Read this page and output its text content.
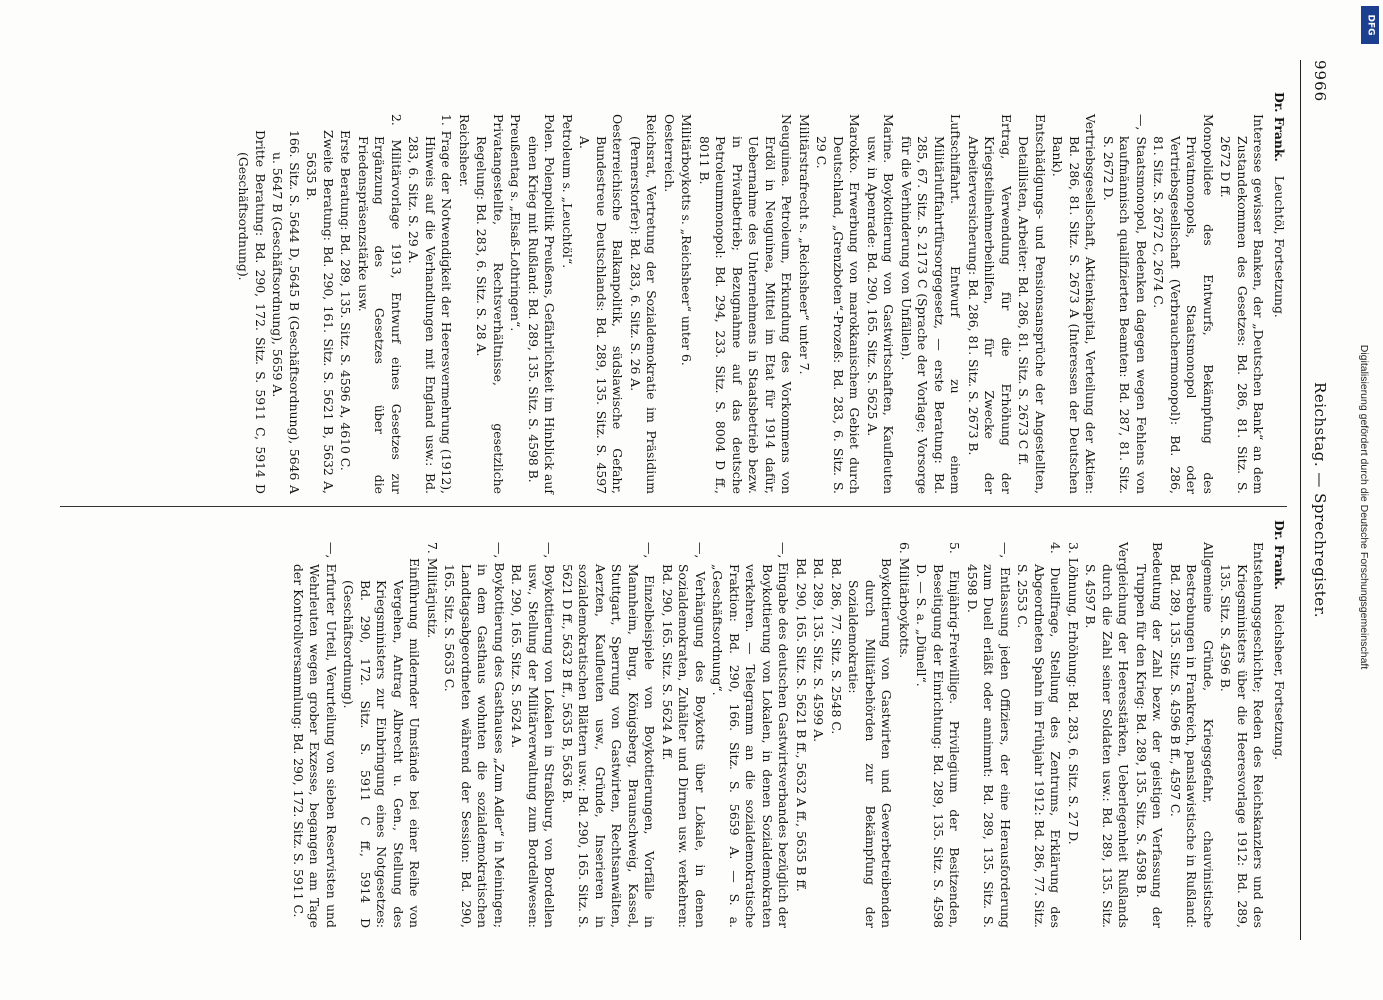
9966
Reichstag. — Sprechregister.
Dr. Frank. Leuchtöl, Fortsetzung.
Interesse gewisser Banken, der „Deutschen Bank“ an dem Zustandekommen des Gesetzes: Bd. 286, 81. Sitz. S. 2672 D ff.
Monopolidee des Entwurfs, Bekämpfung des Privatmonopols, Staatsmonopol oder Vertriebsgesellschaft (Verbrauchermonopol): Bd. 286, 81. Sitz. S. 2672 C, 2674 C.
—, Staatsmonopol, Bedenken dagegen wegen Fehlens von kaufmännisch qualifizierten Beamten: Bd. 287, 81. Sitz. S. 2672 D.
Vertriebsgesellschaft, Aktienkapital, Verteilung der Aktien: Bd. 286, 81. Sitz. S. 2673 A (Interessen der Deutschen Bank).
Entschädigungs- und Pensionsansprüche der Angestellten, Detaillisten, Arbeiter: Bd. 286, 81. Sitz. S. 2673 C ff.
Ertrag, Verwendung für die Erhöhung der Kriegsteilnehmerbeihilfen, für Zwecke der Arbeiterversicherung: Bd. 286, 81. Sitz. S. 2673 B.
Luftschiffahrt. Entwurf zu einem Militärluftfahrtfürsorgegesetz, — erste Beratung: Bd. 285, 67. Sitz. S. 2173 C (Sprache der Vorlage; Vorsorge für die Verhinderung von Unfällen).
Marine. Boykottierung von Gastwirtschaften, Kaufleuten usw. in Apenrade: Bd. 290, 165. Sitz. S. 5625 A.
Marokko. Erwerbung von marokkanischem Gebiet durch Deutschland, „Grenzboten“-Prozeß: Bd. 283, 6. Sitz. S. 29 C.
Militärstrafrecht s. „Reichsheer“ unter 7.
Neuguinea. Petroleum, Erkundung des Vorkommens von Erdöl in Neuguinea, Mittel im Etat für 1914 dafür, Uebernahme des Unternehmens in Staatsbetrieb bezw. in Privatbetrieb; Bezugnahme auf das deutsche Petroleummonopol: Bd. 294, 233. Sitz. S. 8004 D ff., 8011 B.
Militärboykotts s. „Reichsheer“ unter 6.
Oesterreich.
Reichsrat, Vertretung der Sozialdemokratie im Präsidium (Pernerstorfer): Bd. 283, 6. Sitz. S. 26 A.
Oesterreichische Balkanpolitik, südslawische Gefahr, Bundestreue Deutschlands: Bd. 289, 135. Sitz. S. 4597 A.
Petroleum s. „Leuchtöl“.
Polen. Polenpolitik Preußens, Gefährlichkeit im Hinblick auf einen Krieg mit Rußland: Bd. 289, 135. Sitz. S. 4598 B.
Preußentag s. „Elsaß-Lothringen“.
Privatangestellte, Rechtsverhältnisse, gesetzliche Regelung: Bd. 283, 6. Sitz. S. 28 A.
Reichsheer.
1. Frage der Notwendigkeit der Heeresvermehrung (1912), Hinweis auf die Verhandlungen mit England usw.: Bd. 283, 6. Sitz. S. 29 A.
2. Militärvorlage 1913, Entwurf eines Gesetzes zur Ergänzung des Gesetzes über die Friedenspräsenzstärke usw.
Erste Beratung: Bd. 289, 135. Sitz. S. 4596 A, 4610 C.
Zweite Beratung: Bd. 290, 161. Sitz. S. 5621 B, 5632 A, 5635 B.
166. Sitz. S. 5644 D, 5645 B (Geschäftsordnung), 5646 A u. 5647 B (Geschäftsordnung), 5659 A.
Dritte Beratung: Bd. 290, 172. Sitz. S. 5911 C, 5914 D (Geschäftsordnung).
Dr. Frank. Reichsheer, Fortsetzung.
Entstehungsgeschichte; Reden des Reichskanzlers und des Kriegsministers über die Heeresvorlage 1912: Bd. 289, 135. Sitz. S. 4596 B.
Allgemeine Gründe, Kriegsgefahr, chauvinistische Bestrebungen in Frankreich, panslawistische in Rußland: Bd. 289, 135. Sitz. S. 4596 B ff., 4597 C.
Bedeutung der Zahl bezw. der geistigen Verfassung der Truppen für den Krieg: Bd. 289, 135. Sitz. S. 4598 B.
Vergleichung der Heeresstärken, Ueberlegenheit Rußlands durch die Zahl seiner Soldaten usw.: Bd. 289, 135. Sitz. S. 4597 B.
3. Löhnung, Erhöhung: Bd. 283, 6. Sitz. S. 27 D.
4. Duellfrage, Stellung des Zentrums, Erklärung des Abgeordneten Spahn im Frühjahr 1912: Bd. 286, 77. Sitz. S. 2553 C.
—, Entlassung jeden Offiziers, der eine Herausforderung zum Duell erläßt oder annimmt: Bd. 289, 135. Sitz. S. 4598 D.
5. Einjährig-Freiwillige. Privilegium der Besitzenden, Beseitigung der Einrichtung: Bd. 289, 135. Sitz. S. 4598 D. — S. a. „Dünell“.
6. Militärboykotts.
Boykottierung von Gastwirten und Gewerbetreibenden durch Militärbehörden zur Bekämpfung der Sozialdemokratie:
Bd. 286, 77. Sitz. S. 2548 C.
Bd. 289, 135. Sitz. S. 4599 A.
Bd. 290, 165. Sitz. S. 5621 B ff., 5632 A ff., 5635 B ff.
—, Eingabe des deutschen Gastwirtsverbandes bezüglich der Boykottierung von Lokalen, in denen Sozialdemokraten verkehren. — Telegramm an die sozialdemokratische Fraktion: Bd. 290, 166. Sitz. S. 5659 A. — S. a. „Geschäftsordnung“.
—, Verhängung des Boykotts über Lokale, in denen Sozialdemokraten, Zuhälter und Dirnen usw. verkehren: Bd. 290, 165. Sitz. S. 5624 A ff.
—, Einzelbeispiele von Boykottierungen, Vorfälle in Mannheim, Burg, Königsberg, Braunschweig, Kassel, Stuttgart, Sperrung von Gastwirten, Rechtsanwälten, Aerzten, Kaufleuten usw., Gründe, Inserieren in sozialdemokratischen Blättern usw.: Bd. 290, 165. Sitz. S. 5621 D ff., 5632 B ff., 5635 B, 5636 B.
—, Boykottierung von Lokalen in Straßburg, von Bordellen usw., Stellung der Militärverwaltung zum Bordellwesen: Bd. 290, 165. Sitz. S. 5624 A.
—, Boykottierung des Gasthauses „Zum Adler“ in Meiningen; in dem Gasthaus wohnten die sozialdemokratischen Landtagsabgeordneten während der Session: Bd. 290, 165. Sitz. S. 5635 C.
7. Militärjustiz.
Einführung mildernder Umstände bei einer Reihe von Vergehen, Antrag Albrecht u. Gen., Stellung des Kriegsministers zur Einbringung eines Notgesetzes: Bd. 290, 172. Sitz. S. 5911 C ff., 5914 D (Geschäftsordnung).
—, Erfurter Urteil, Verurteilung von sieben Reservisten und Wehrleuten wegen grober Exzesse, begangen am Tage der Kontrollversammlung: Bd. 290, 172. Sitz. S. 5911 C.
DFG
Digitalisierung gefördert durch die Deutsche Forschungsgemeinschaft
